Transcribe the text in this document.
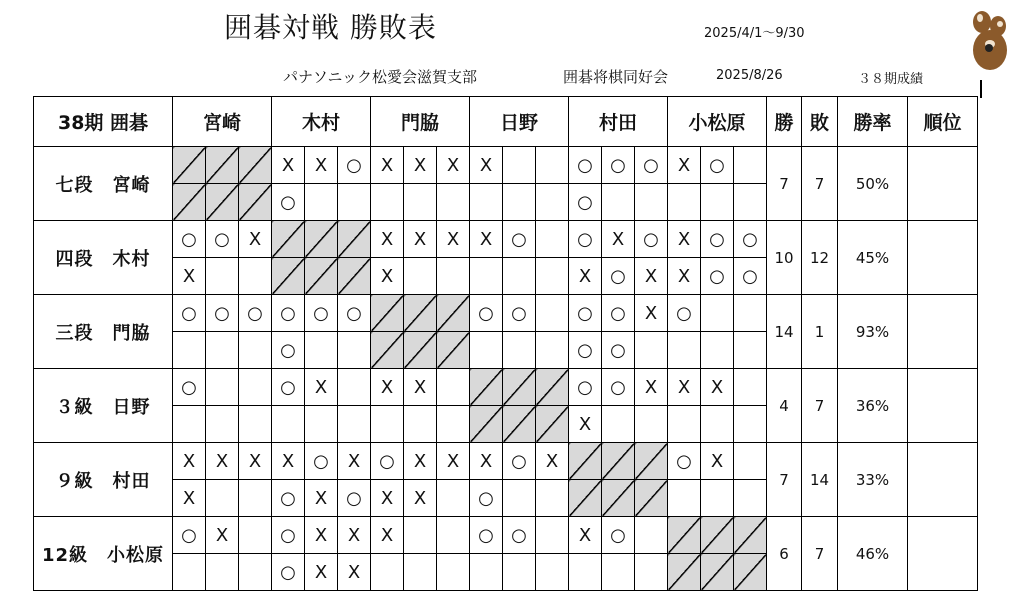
囲碁対戦 勝敗表	2025/4/1～9/30
パナソニック松愛会滋賀支部	囲碁将棋同好会	2025/8/26	３８期成績
38期 囲碁	宮崎			木村			門脇			日野			村田			小松原			勝	敗	勝率	順位
七段　宮崎				X	X	○	X	X	X	X			○	○	○	X	○		7	7	50%	
				○									○									
四段　木村	○	○	X				X	X	X	X	○		○	X	○	X	○	○	10	12	45%	
	X						X						X	○	X	X	○	○				
三段　門脇	○	○	○	○	○	○				○	○		○	○	X	○			14	1	93%	
				○									○	○								
３級　日野	○			○	X		X	X					○	○	X	X	X		4	7	36%	
													X									
９級　村田	X	X	X	X	○	X	○	X	X	X	○	X				○	X		7	14	33%	
	X			○	X	○	X	X		○												
12級　小松原	○	X		○	X	X	X			○	○		X	○					6	7	46%	
				○	X	X																
